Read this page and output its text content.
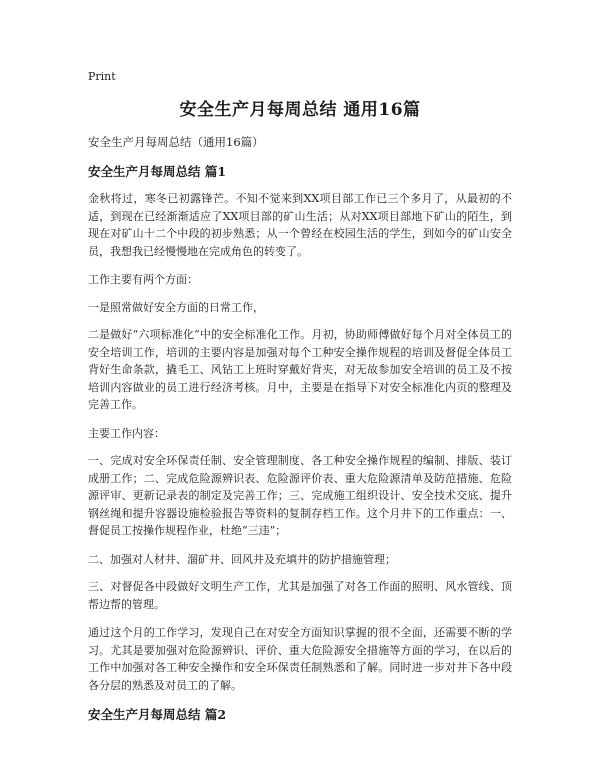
Print
安全生产月每周总结 通用16篇
安全生产月每周总结（通用16篇）
安全生产月每周总结 篇1

金秋将过，寒冬已初露锋芒。不知不觉来到XX项目部工作已三个多月了，从最初的不适，到现在已经渐渐适应了XX项目部的矿山生活；从对XX项目部地下矿山的陌生，到现在对矿山十二个中段的初步熟悉；从一个曾经在校园生活的学生，到如今的矿山安全员，我想我已经慢慢地在完成角色的转变了。

工作主要有两个方面：

一是照常做好安全方面的日常工作，

二是做好“六项标准化”中的安全标准化工作。月初，协助师傅做好每个月对全体员工的安全培训工作，培训的主要内容是加强对每个工种安全操作规程的培训及督促全体员工背好生命条款，撬毛工、风钻工上班时穿戴好背夹，对无故参加安全培训的员工及不按培训内容做业的员工进行经济考核。月中，主要是在指导下对安全标准化内页的整理及完善工作。

主要工作内容：

一、完成对安全环保责任制、安全管理制度、各工种安全操作规程的编制、排版、装订成册工作；二、完成危险源辨识表、危险源评价表、重大危险源清单及防范措施、危险源评审、更新记录表的制定及完善工作；三、完成施工组织设计、安全技术交底、提升钢丝绳和提升容器设施检验报告等资料的复制存档工作。这个月井下的工作重点：一、督促员工按操作规程作业，杜绝“三违”；

二、加强对人材井、溜矿井、回风井及充填井的防护措施管理；

三、对督促各中段做好文明生产工作，尤其是加强了对各工作面的照明、风水管线、顶帮边帮的管理。

通过这个月的工作学习，发现自己在对安全方面知识掌握的很不全面，还需要不断的学习。尤其是要加强对危险源辨识、评价、重大危险源安全措施等方面的学习，在以后的工作中加强对各工种安全操作和安全环保责任制熟悉和了解。同时进一步对井下各中段各分层的熟悉及对员工的了解。

安全生产月每周总结 篇2
